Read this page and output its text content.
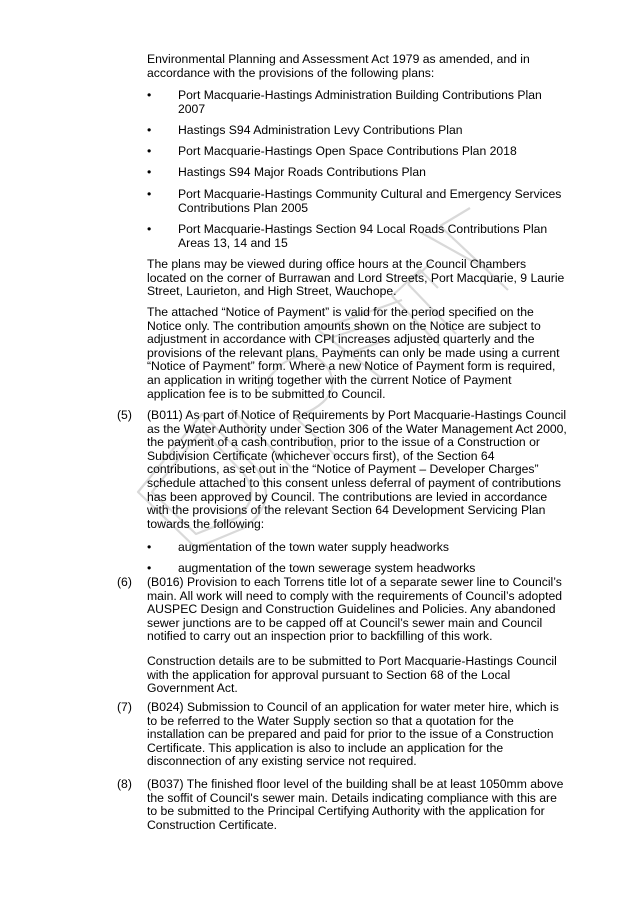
Environmental Planning and Assessment Act 1979 as amended, and in accordance with the provisions of the following plans:

• Port Macquarie-Hastings Administration Building Contributions Plan 2007

• Hastings S94 Administration Levy Contributions Plan

• Port Macquarie-Hastings Open Space Contributions Plan 2018

• Hastings S94 Major Roads Contributions Plan

• Port Macquarie-Hastings Community Cultural and Emergency Services Contributions Plan 2005

• Port Macquarie-Hastings Section 94 Local Roads Contributions Plan Areas 13, 14 and 15

The plans may be viewed during office hours at the Council Chambers located on the corner of Burrawan and Lord Streets, Port Macquarie, 9 Laurie Street, Laurieton, and High Street, Wauchope.

The attached “Notice of Payment” is valid for the period specified on the Notice only. The contribution amounts shown on the Notice are subject to adjustment in accordance with CPI increases adjusted quarterly and the provisions of the relevant plans. Payments can only be made using a current “Notice of Payment” form. Where a new Notice of Payment form is required, an application in writing together with the current Notice of Payment application fee is to be submitted to Council.

(5) (B011) As part of Notice of Requirements by Port Macquarie-Hastings Council as the Water Authority under Section 306 of the Water Management Act 2000, the payment of a cash contribution, prior to the issue of a Construction or Subdivision Certificate (whichever occurs first), of the Section 64 contributions, as set out in the “Notice of Payment – Developer Charges” schedule attached to this consent unless deferral of payment of contributions has been approved by Council. The contributions are levied in accordance with the provisions of the relevant Section 64 Development Servicing Plan towards the following:

• augmentation of the town water supply headworks

• augmentation of the town sewerage system headworks

(6) (B016) Provision to each Torrens title lot of a separate sewer line to Council’s main. All work will need to comply with the requirements of Council’s adopted AUSPEC Design and Construction Guidelines and Policies. Any abandoned sewer junctions are to be capped off at Council’s sewer main and Council notified to carry out an inspection prior to backfilling of this work.

Construction details are to be submitted to Port Macquarie-Hastings Council with the application for approval pursuant to Section 68 of the Local Government Act.

(7) (B024) Submission to Council of an application for water meter hire, which is to be referred to the Water Supply section so that a quotation for the installation can be prepared and paid for prior to the issue of a Construction Certificate. This application is also to include an application for the disconnection of any existing service not required.

(8) (B037) The finished floor level of the building shall be at least 1050mm above the soffit of Council's sewer main. Details indicating compliance with this are to be submitted to the Principal Certifying Authority with the application for Construction Certificate.
